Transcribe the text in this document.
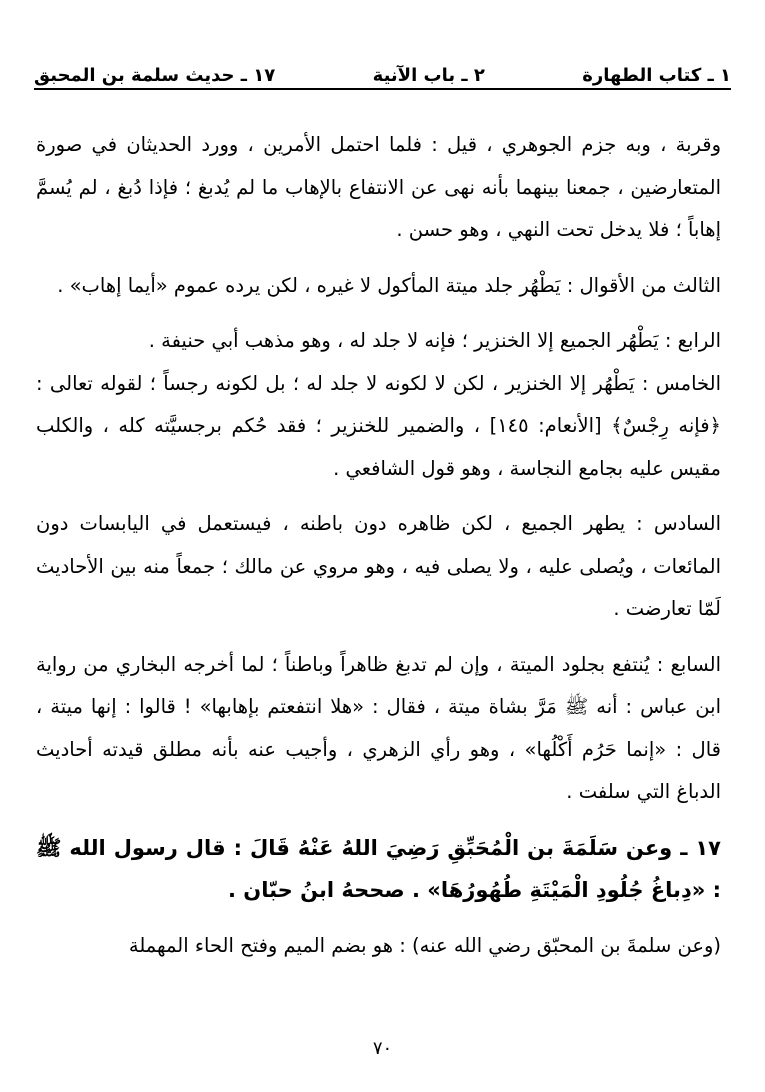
١ ـ كتاب الطهارة
٢ ـ باب الآنية
١٧ ـ حديث سلمة بن المحبق

وقربة ، وبه جزم الجوهري ، قيل : فلما احتمل الأمرين ، وورد الحديثان في صورة المتعارضين ، جمعنا بينهما بأنه نهى عن الانتفاع بالإهاب ما لم يُدبغ ؛ فإذا دُبغ ، لم يُسمَّ إهاباً ؛ فلا يدخل تحت النهي ، وهو حسن .

الثالث من الأقوال : يَطْهُر جلد ميتة المأكول لا غيره ، لكن يرده عموم «أيما إهاب» .

الرابع : يَطْهُر الجميع إلا الخنزير ؛ فإنه لا جلد له ، وهو مذهب أبي حنيفة .

الخامس : يَطْهُر إلا الخنزير ، لكن لا لكونه لا جلد له ؛ بل لكونه رجساً ؛ لقوله تعالى : ﴿فإنه رِجْسٌ﴾ [الأنعام: ١٤٥] ، والضمير للخنزير ؛ فقد حُكم برجسيَّته كله ، والكلب مقيس عليه بجامع النجاسة ، وهو قول الشافعي .

السادس : يطهر الجميع ، لكن ظاهره دون باطنه ، فيستعمل في اليابسات دون المائعات ، ويُصلى عليه ، ولا يصلى فيه ، وهو مروي عن مالك ؛ جمعاً منه بين الأحاديث لَمّا تعارضت .

السابع : يُنتفع بجلود الميتة ، وإن لم تدبغ ظاهراً وباطناً ؛ لما أخرجه البخاري من رواية ابن عباس : أنه ﷺ مَرَّ بشاة ميتة ، فقال : «هلا انتفعتم بإهابها» ! قالوا : إنها ميتة ، قال : «إنما حَرُم أَكْلُها» ، وهو رأي الزهري ، وأجيب عنه بأنه مطلق قيدته أحاديث الدباغ التي سلفت .

١٧ ـ وعن سَلَمَةَ بن الْمُحَبِّقِ رَضِيَ اللهُ عَنْهُ قَالَ : قال رسول الله ﷺ : «دِباغُ جُلُودِ الْمَيْتَةِ طُهُورُهَا» . صححهُ ابنُ حبّان .

(وعن سلمةَ بن المحبّق رضي الله عنه) : هو بضم الميم وفتح الحاء المهملة

٧٠
